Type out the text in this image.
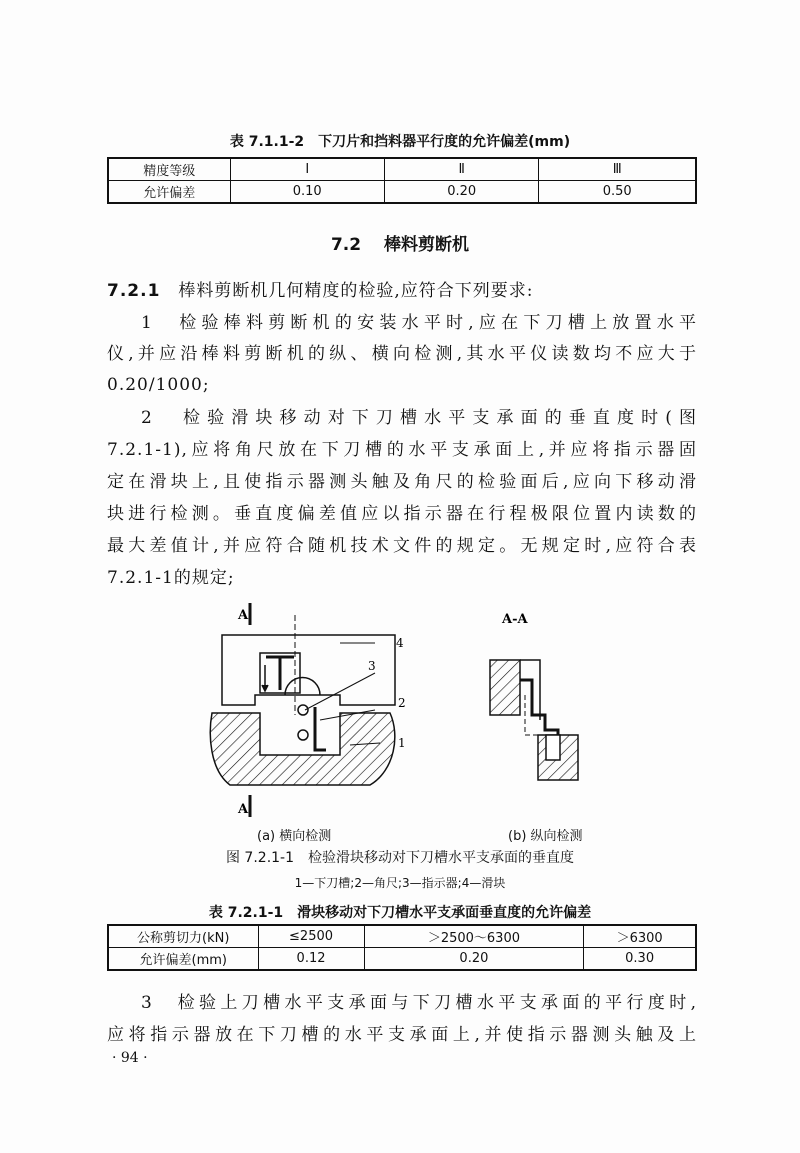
表 7.1.1-2　下刀片和挡料器平行度的允许偏差(mm)
精度等级	Ⅰ	Ⅱ	Ⅲ
允许偏差	0.10	0.20	0.50
7.2　 棒料剪断机
7.2.1　 棒料剪断机几何精度的检验,应符合下列要求:
1　检验棒料剪断机的安装水平时,应在下刀槽上放置水平
仪,并应沿棒料剪断机的纵、横向检测,其水平仪读数均不应大于
0.20/1000;
2　检验滑块移动对下刀槽水平支承面的垂直度时(图
7.2.1-1),应将角尺放在下刀槽的水平支承面上,并应将指示器固
定在滑块上,且使指示器测头触及角尺的检验面后,应向下移动滑
块进行检测。垂直度偏差值应以指示器在行程极限位置内读数的
最大差值计,并应符合随机技术文件的规定。无规定时,应符合表
7.2.1-1的规定;
A
A
4
3
2
1
A-A
(a) 横向检测	(b) 纵向检测
图 7.2.1-1　检验滑块移动对下刀槽水平支承面的垂直度
1—下刀槽;2—角尺;3—指示器;4—滑块
表 7.2.1-1　滑块移动对下刀槽水平支承面垂直度的允许偏差
公称剪切力(kN)	≤2500	＞2500～6300	＞6300
允许偏差(mm)	0.12	0.20	0.30
3　检验上刀槽水平支承面与下刀槽水平支承面的平行度时,
应将指示器放在下刀槽的水平支承面上,并使指示器测头触及上
· 94 ·
